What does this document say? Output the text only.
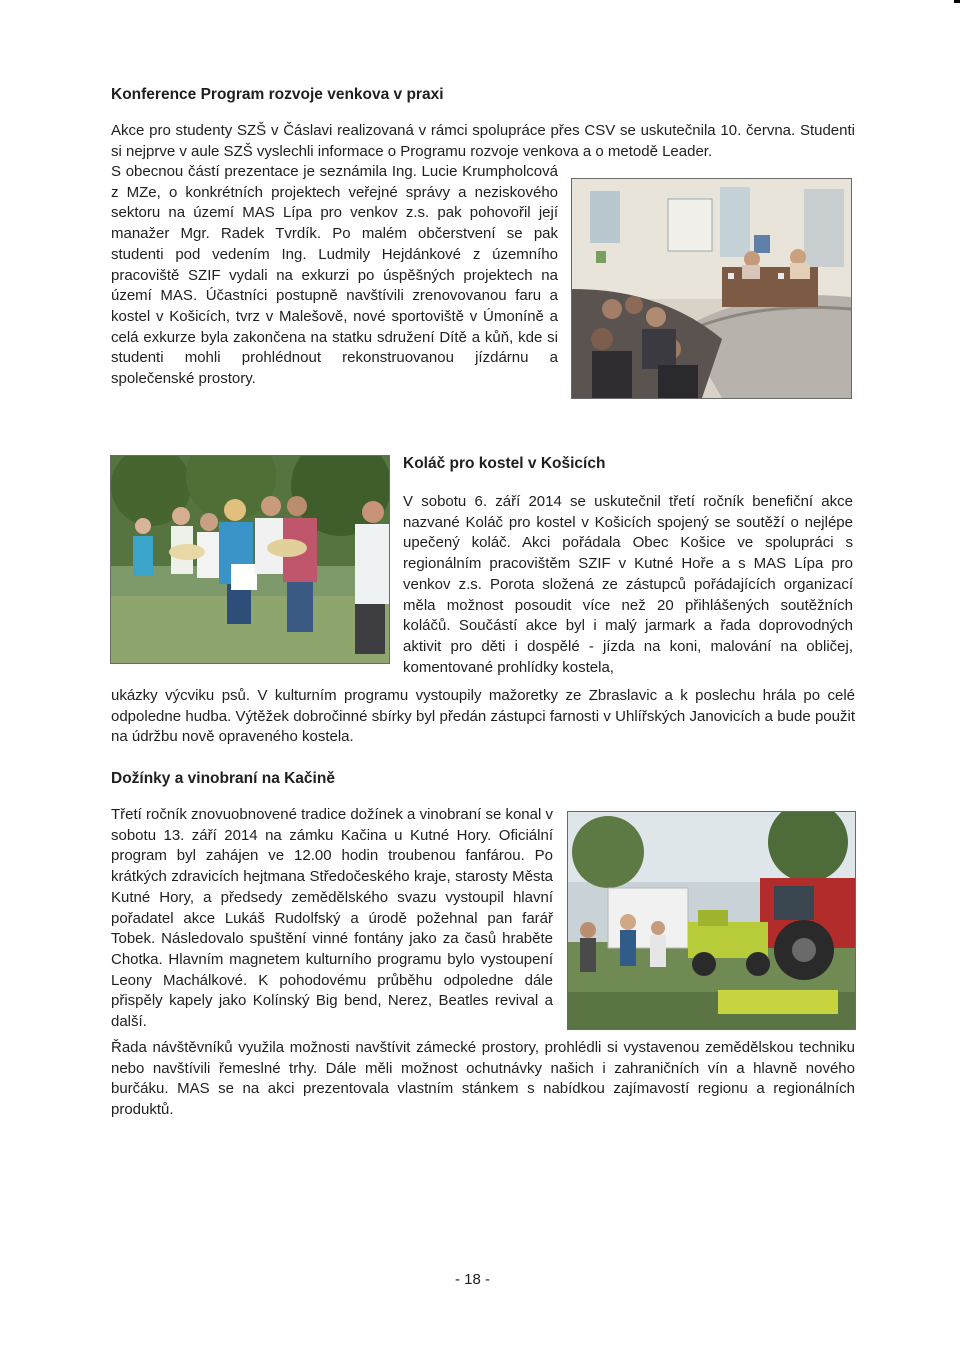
Konference Program rozvoje venkova v praxi

Akce pro studenty SZŠ v Čáslavi realizovaná v rámci spolupráce přes CSV se uskutečnila 10. června. Studenti si nejprve v aule SZŠ vyslechli informace o Programu rozvoje venkova a o metodě Leader.

S obecnou částí prezentace je seznámila Ing. Lucie Krumpholcová z MZe, o konkrétních projektech veřejné správy a neziskového sektoru na území MAS Lípa pro venkov z.s. pak pohovořil její manažer Mgr. Radek Tvrdík. Po malém občerstvení se pak studenti pod vedením Ing. Ludmily Hejdánkové z územního pracoviště SZIF vydali na exkurzi po úspěšných projektech na území MAS. Účastníci postupně navštívili zrenovovanou faru a kostel v Košicích, tvrz v Malešově, nové sportoviště v Úmoníně a celá exkurze byla zakončena na statku sdružení Dítě a kůň, kde si studenti mohli prohlédnout rekonstruovanou jízdárnu a společenské prostory.

Koláč pro kostel v Košicích

V sobotu 6. září 2014 se uskutečnil třetí ročník benefiční akce nazvané Koláč pro kostel v Košicích spojený se soutěží o nejlépe upečený koláč. Akci pořádala Obec Košice ve spolupráci s regionálním pracovištěm SZIF v Kutné Hoře a s MAS Lípa pro venkov z.s. Porota složená ze zástupců pořádajících organizací měla možnost posoudit více než 20 přihlášených soutěžních koláčů. Součástí akce byl i malý jarmark a řada doprovodných aktivit pro děti i dospělé - jízda na koni, malování na obličej, komentované prohlídky kostela,

ukázky výcviku psů. V kulturním programu vystoupily mažoretky ze Zbraslavic a k poslechu hrála po celé odpoledne hudba. Výtěžek dobročinné sbírky byl předán zástupci farnosti v Uhlířských Janovicích a bude použit na údržbu nově opraveného kostela.

Dožínky a vinobraní na Kačině

Třetí ročník znovuobnovené tradice dožínek a vinobraní se konal v sobotu 13. září 2014 na zámku Kačina u Kutné Hory. Oficiální program byl zahájen ve 12.00 hodin troubenou fanfárou. Po krátkých zdravicích hejtmana Středočeského kraje, starosty Města Kutné Hory, a předsedy zemědělského svazu vystoupil hlavní pořadatel akce Lukáš Rudolfský a úrodě požehnal pan farář Tobek. Následovalo spuštění vinné fontány jako za časů hraběte Chotka. Hlavním magnetem kulturního programu bylo vystoupení Leony Machálkové. K pohodovému průběhu odpoledne dále přispěly kapely jako Kolínský Big bend, Nerez, Beatles revival a další.

Řada návštěvníků využila možnosti navštívit zámecké prostory, prohlédli si vystavenou zemědělskou techniku nebo navštívili řemeslné trhy. Dále měli možnost ochutnávky našich i zahraničních vín a hlavně nového burčáku. MAS se na akci prezentovala vlastním stánkem s nabídkou zajímavostí regionu a regionálních produktů.

- 18 -
